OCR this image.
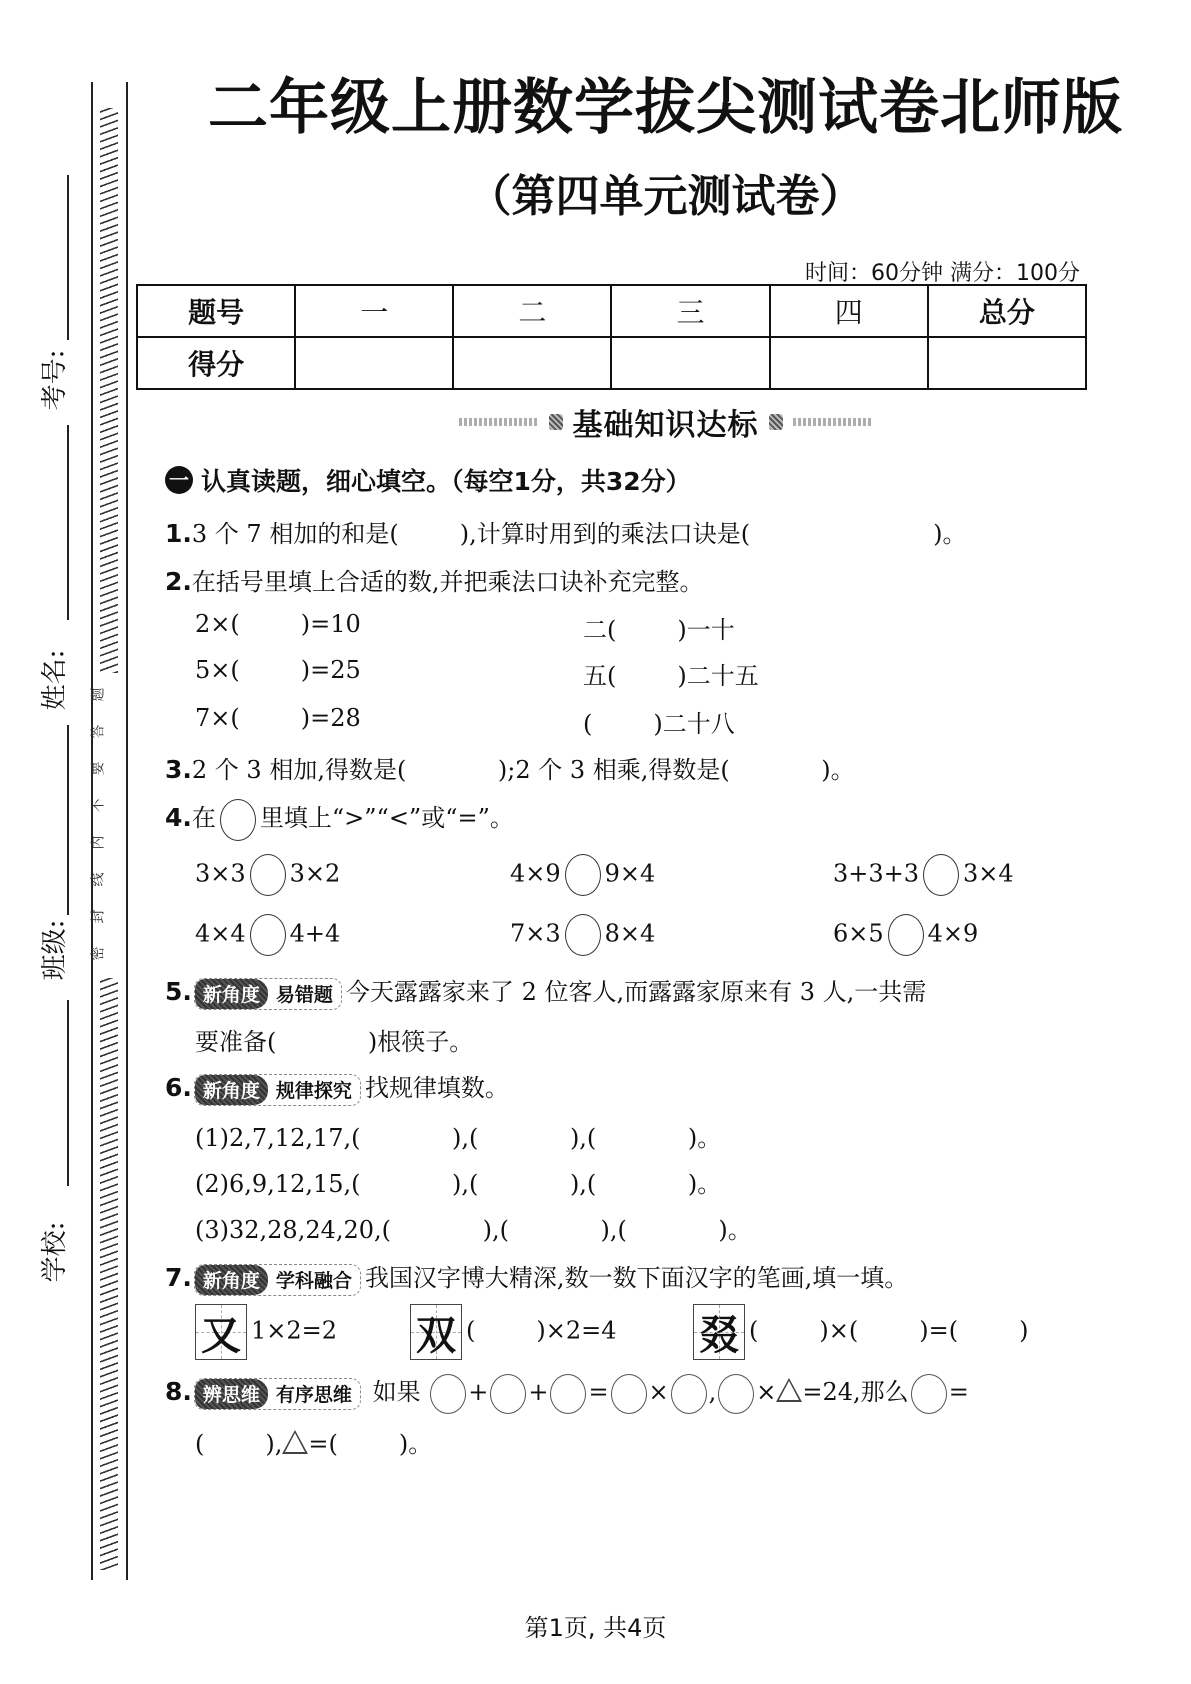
题
答
要
不
内
线
封
密
考号:
姓名:
班级:
学校:
二年级上册数学拔尖测试卷北师版
（第四单元测试卷）
时间：60分钟 满分：100分
题号	一	二	三	四	总分
得分					
基础知识达标
一 认真读题，细心填空。（每空1分，共32分）
1.3 个 7 相加的和是(        ),计算时用到的乘法口诀是(                        )。
2.在括号里填上合适的数,并把乘法口诀补充完整。
2×(        )=10	二(        )一十
5×(        )=25	五(        )二十五
7×(        )=28	(        )二十八
3.2 个 3 相加,得数是(            );2 个 3 相乘,得数是(            )。
4.在 里填上“>”“<”或“=”。
3×3 3×2	4×9 9×4	3+3+3 3×4
4×4 4+4	7×3 8×4	6×5 4×9
5. 新角度 易错题 今天露露家来了 2 位客人,而露露家原来有 3 人,一共需
要准备(            )根筷子。
6. 新角度 规律探究 找规律填数。
(1)2,7,12,17,(            ),(            ),(            )。
(2)6,9,12,15,(            ),(            ),(            )。
(3)32,28,24,20,(            ),(            ),(            )。
7. 新角度 学科融合 我国汉字博大精深,数一数下面汉字的笔画,填一填。
又 1×2=2 双 (        )×2=4 叕 (        )×(        )=(        )
8. 辨思维 有序思维 如果 + + = × , × =24,那么 =
(        ), =(        )。
第1页, 共4页
